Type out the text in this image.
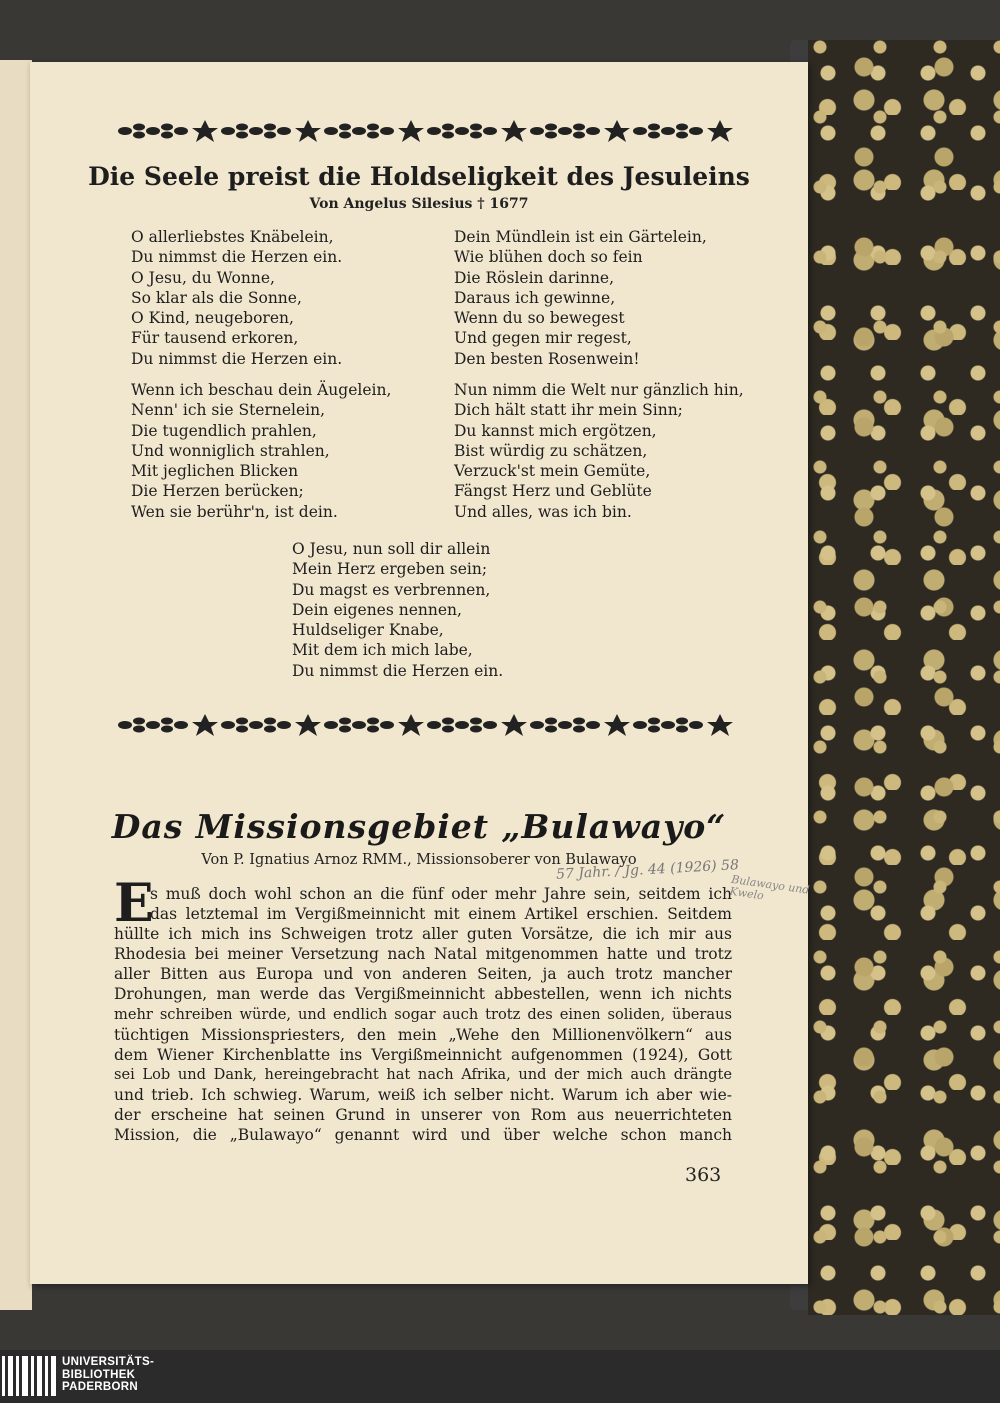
Die Seele preist die Holdseligkeit des Jesuleins
Von Angelus Silesius † 1677
O allerliebstes Knäbelein,
Du nimmst die Herzen ein.
O Jesu, du Wonne,
So klar als die Sonne,
O Kind, neugeboren,
Für tausend erkoren,
Du nimmst die Herzen ein.
Dein Mündlein ist ein Gärtelein,
Wie blühen doch so fein
Die Röslein darinne,
Daraus ich gewinne,
Wenn du so bewegest
Und gegen mir regest,
Den besten Rosenwein!
Wenn ich beschau dein Äugelein,
Nenn' ich sie Sternelein,
Die tugendlich prahlen,
Und wonniglich strahlen,
Mit jeglichen Blicken
Die Herzen berücken;
Wen sie berühr'n, ist dein.
Nun nimm die Welt nur gänzlich hin,
Dich hält statt ihr mein Sinn;
Du kannst mich ergötzen,
Bist würdig zu schätzen,
Verzuck'st mein Gemüte,
Fängst Herz und Geblüte
Und alles, was ich bin.
O Jesu, nun soll dir allein
Mein Herz ergeben sein;
Du magst es verbrennen,
Dein eigenes nennen,
Huldseliger Knabe,
Mit dem ich mich labe,
Du nimmst die Herzen ein.
Das Missionsgebiet „Bulawayo“
Von P. Ignatius Arnoz RMM., Missionsoberer von Bulawayo
57 Jahr. / Jg. 44 (1926) 58
Bulawayo und Kwelo
E
s muß doch wohl schon an die fünf oder mehr Jahre sein, seitdem ich
das letztemal im Vergißmeinnicht mit einem Artikel erschien. Seitdem
hüllte ich mich ins Schweigen trotz aller guten Vorsätze, die ich mir aus
Rhodesia bei meiner Versetzung nach Natal mitgenommen hatte und trotz
aller Bitten aus Europa und von anderen Seiten, ja auch trotz mancher
Drohungen, man werde das Vergißmeinnicht abbestellen, wenn ich nichts
mehr schreiben würde, und endlich sogar auch trotz des einen soliden, überaus
tüchtigen Missionspriesters, den mein „Wehe den Millionenvölkern“ aus
dem Wiener Kirchenblatte ins Vergißmeinnicht aufgenommen (1924), Gott
sei Lob und Dank, hereingebracht hat nach Afrika, und der mich auch drängte
und trieb. Ich schwieg. Warum, weiß ich selber nicht. Warum ich aber wie-
der erscheine hat seinen Grund in unserer von Rom aus neuerrichteten
Mission, die „Bulawayo“ genannt wird und über welche schon manch
363
UNIVERSITÄTS-
BIBLIOTHEK
PADERBORN
